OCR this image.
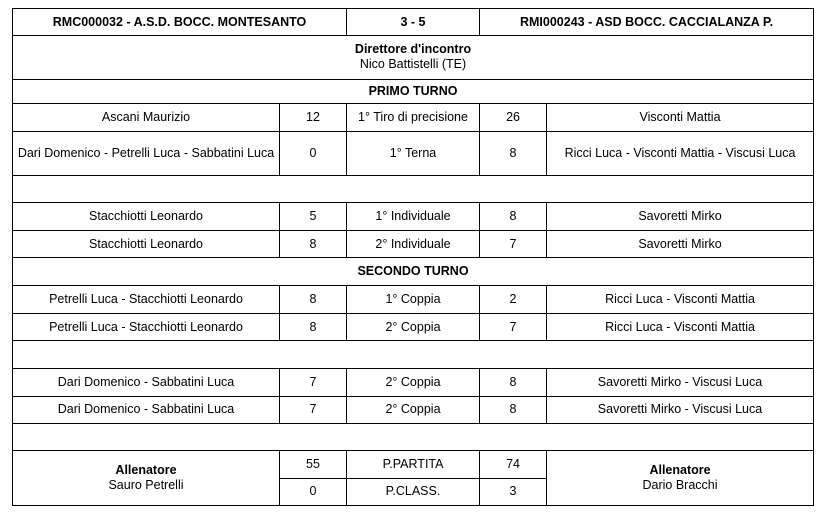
RMC000032 - A.S.D. BOCC. MONTESANTO		3 - 5	RMI000243 - ASD BOCC. CACCIALANZA P.	

Direttore d'incontro
Nico Battistelli (TE)				

PRIMO TURNO				
Ascani Maurizio	12	1° Tiro di precisione	26	Visconti Mattia
Dari Domenico - Petrelli Luca - Sabbatini Luca	0	1° Terna	8	Ricci Luca - Visconti Mattia - Viscusi Luca

Stacchiotti Leonardo	5	1° Individuale	8	Savoretti Mirko
Stacchiotti Leonardo	8	2° Individuale	7	Savoretti Mirko
SECONDO TURNO				
Petrelli Luca - Stacchiotti Leonardo	8	1° Coppia	2	Ricci Luca - Visconti Mattia
Petrelli Luca - Stacchiotti Leonardo	8	2° Coppia	7	Ricci Luca - Visconti Mattia

Dari Domenico - Sabbatini Luca	7	2° Coppia	8	Savoretti Mirko - Viscusi Luca
Dari Domenico - Sabbatini Luca	7	2° Coppia	8	Savoretti Mirko - Viscusi Luca

Allenatore
Sauro Petrelli	55	P.PARTITA	74	Allenatore
Dario Bracchi

	0	P.CLASS.	3	
